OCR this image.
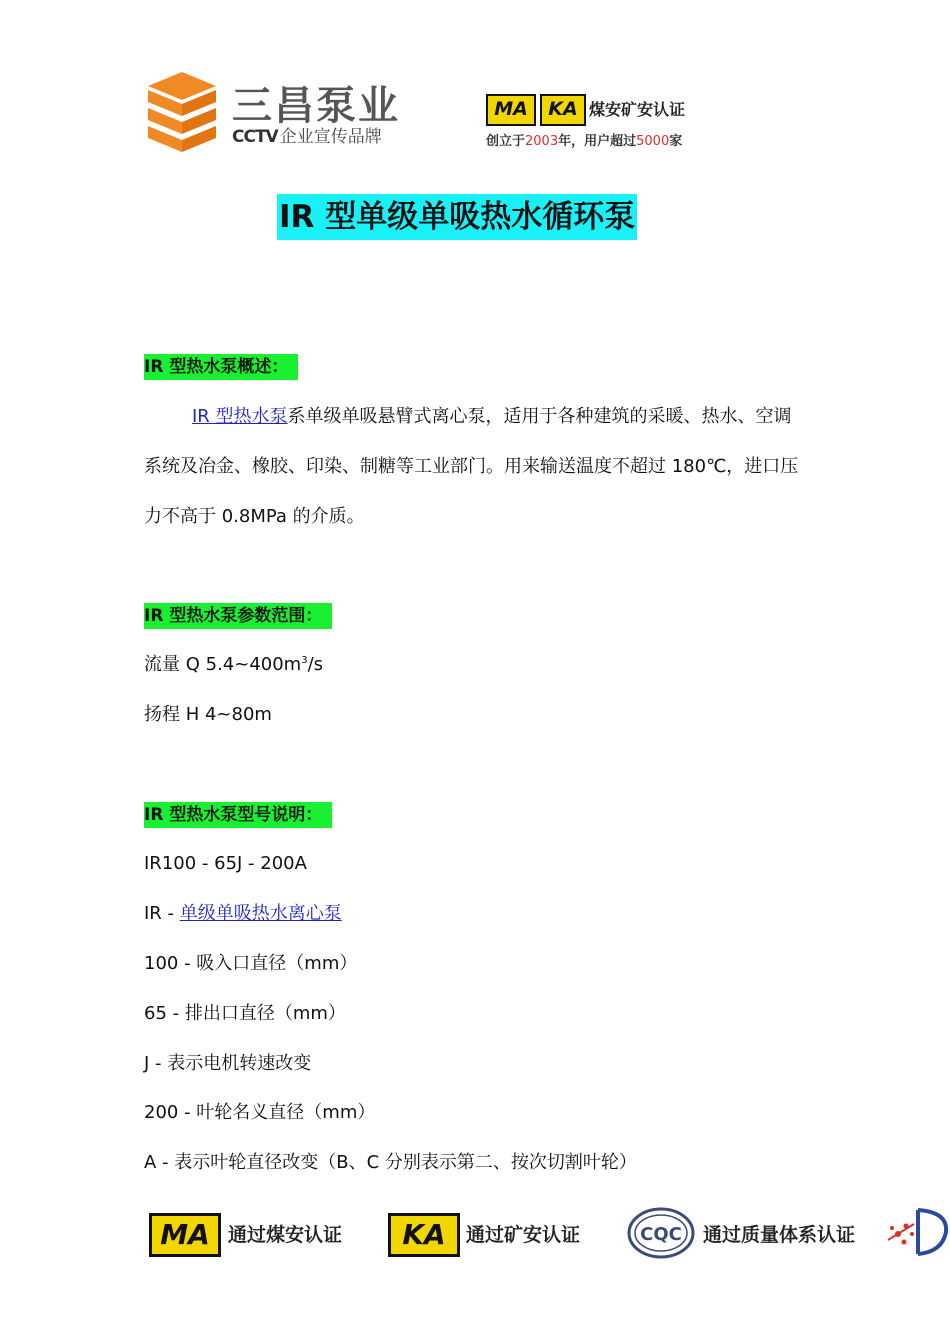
三昌泵业
CCTV 企业宣传品牌
MA	KA 煤安矿安认证
创立于2003年，用户超过5000家
IR 型单级单吸热水循环泵
IR 型热水泵概述：
IR 型热水泵系单级单吸悬臂式离心泵，适用于各种建筑的采暖、热水、空调
系统及冶金、橡胶、印染、制糖等工业部门。用来输送温度不超过 180℃，进口压
力不高于 0.8MPa 的介质。
IR 型热水泵参数范围：
流量 Q $5.4\sim 400m^3/s$
扬程 H 4~80m
IR 型热水泵型号说明：
IR100 - 65J - 200A
IR - 单级单吸热水离心泵
100 - 吸入口直径（mm）
65 - 排出口直径（mm）
J - 表示电机转速改变
200 - 叶轮名义直径（mm）
A - 表示叶轮直径改变（B、C 分别表示第二、按次切割叶轮）
MA 通过煤安认证	KA	通过矿安认证	CQC 通过质量体系认证
